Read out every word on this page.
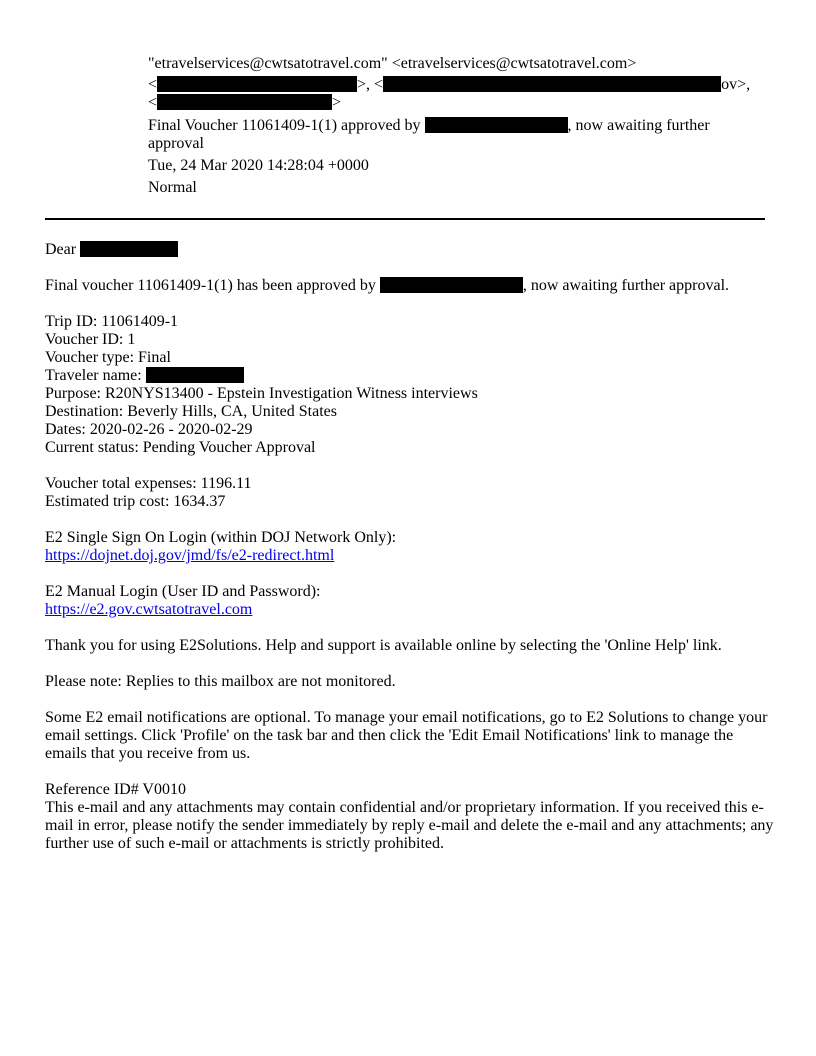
"etravelservices@cwtsatotravel.com" <etravelservices@cwtsatotravel.com>
<	>, <	ov>,
<	>
Final Voucher 11061409-1(1) approved by	, now awaiting further
approval
Tue, 24 Mar 2020 14:28:04 +0000
Normal
Dear
Final voucher 11061409-1(1) has been approved by	, now awaiting further approval.
Trip ID: 11061409-1
Voucher ID: 1
Voucher type: Final
Traveler name:
Purpose: R20NYS13400 - Epstein Investigation Witness interviews
Destination: Beverly Hills, CA, United States
Dates: 2020-02-26 - 2020-02-29
Current status: Pending Voucher Approval
Voucher total expenses: 1196.11
Estimated trip cost: 1634.37
E2 Single Sign On Login (within DOJ Network Only):
https://dojnet.doj.gov/jmd/fs/e2-redirect.html
E2 Manual Login (User ID and Password):
https://e2.gov.cwtsatotravel.com
Thank you for using E2Solutions. Help and support is available online by selecting the 'Online Help' link.
Please note: Replies to this mailbox are not monitored.
Some E2 email notifications are optional. To manage your email notifications, go to E2 Solutions to change your email settings. Click 'Profile' on the task bar and then click the 'Edit Email Notifications' link to manage the emails that you receive from us.
Reference ID# V0010
This e-mail and any attachments may contain confidential and/or proprietary information. If you received this e-mail in error, please notify the sender immediately by reply e-mail and delete the e-mail and any attachments; any further use of such e-mail or attachments is strictly prohibited.
